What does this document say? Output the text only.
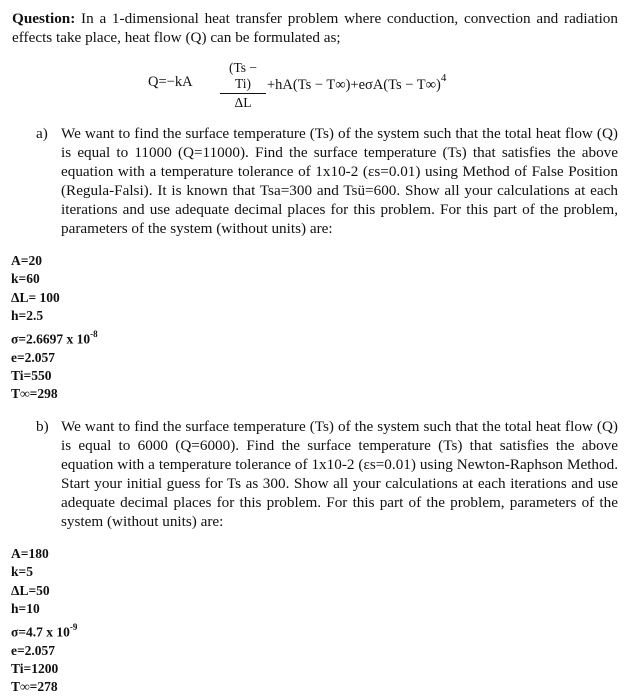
Question: In a 1-dimensional heat transfer problem where conduction, convection and radiation effects take place, heat flow (Q) can be formulated as;
$Q=-kA \frac{(Ts - Ti)}{\Delta L} +hA(Ts - T\infty)+e\sigma A(Ts - T\infty)^4$
a) We want to find the surface temperature (Ts) of the system such that the total heat flow (Q) is equal to 11000 (Q=11000). Find the surface temperature (Ts) that satisfies the above equation with a temperature tolerance of 1x10-2 (εs=0.01) using Method of False Position (Regula-Falsi). It is known that Tsa=300 and Tsü=600. Show all your calculations at each iterations and use adequate decimal places for this problem. For this part of the problem, parameters of the system (without units) are:
A=20
k=60
ΔL= 100
h=2.5
σ=2.6697 x $10^{-8}$
e=2.057
Ti=550
T∞=298
b) We want to find the surface temperature (Ts) of the system such that the total heat flow (Q) is equal to 6000 (Q=6000). Find the surface temperature (Ts) that satisfies the above equation with a temperature tolerance of 1x10-2 (εs=0.01) using Newton-Raphson Method. Start your initial guess for Ts as 300. Show all your calculations at each iterations and use adequate decimal places for this problem. For this part of the problem, parameters of the system (without units) are:
A=180
k=5
ΔL=50
h=10
σ=4.7 x $10^{-9}$
e=2.057
Ti=1200
T∞=278
